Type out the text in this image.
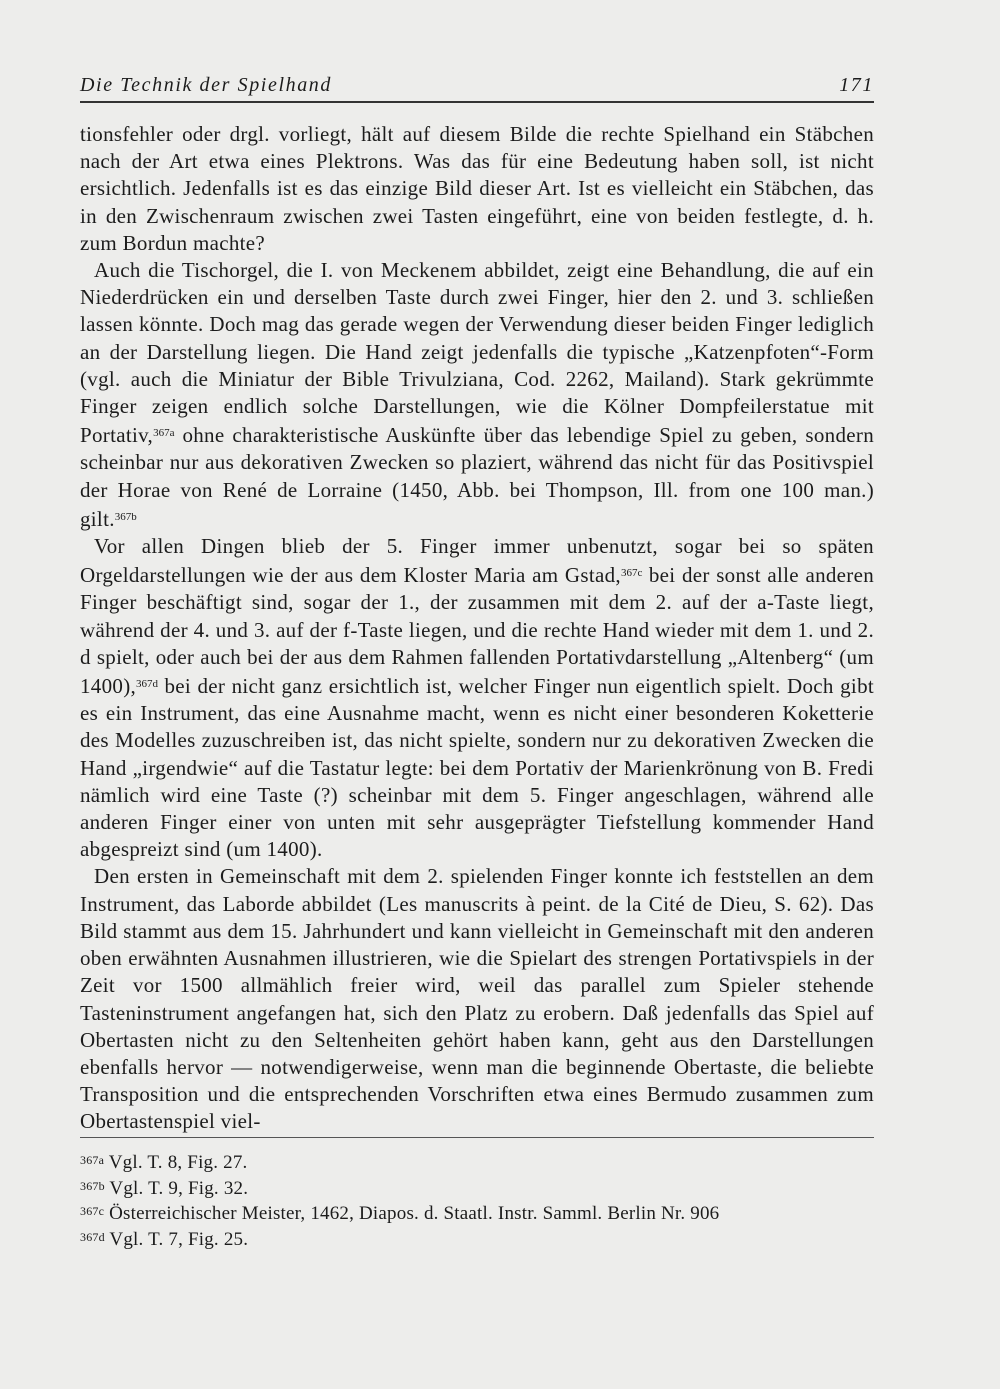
Die Technik der Spielhand	171

tionsfehler oder drgl. vorliegt, hält auf diesem Bilde die rechte Spielhand ein Stäbchen nach der Art etwa eines Plektrons. Was das für eine Bedeutung haben soll, ist nicht ersichtlich. Jedenfalls ist es das einzige Bild dieser Art. Ist es vielleicht ein Stäbchen, das in den Zwischenraum zwischen zwei Tasten eingeführt, eine von beiden festlegte, d. h. zum Bordun machte?

Auch die Tischorgel, die I. von Meckenem abbildet, zeigt eine Behandlung, die auf ein Niederdrücken ein und derselben Taste durch zwei Finger, hier den 2. und 3. schließen lassen könnte. Doch mag das gerade wegen der Verwendung dieser beiden Finger lediglich an der Darstellung liegen. Die Hand zeigt jedenfalls die typische „Katzenpfoten“-Form (vgl. auch die Miniatur der Bible Trivulziana, Cod. 2262, Mailand). Stark gekrümmte Finger zeigen endlich solche Darstellungen, wie die Kölner Dompfeilerstatue mit Portativ,$^{367a}$ ohne charakteristische Auskünfte über das lebendige Spiel zu geben, sondern scheinbar nur aus dekorativen Zwecken so plaziert, während das nicht für das Positivspiel der Horae von René de Lorraine (1450, Abb. bei Thompson, Ill. from one 100 man.) gilt.$^{367b}$

Vor allen Dingen blieb der 5. Finger immer unbenutzt, sogar bei so späten Orgeldarstellungen wie der aus dem Kloster Maria am Gstad,$^{367c}$ bei der sonst alle anderen Finger beschäftigt sind, sogar der 1., der zusammen mit dem 2. auf der a-Taste liegt, während der 4. und 3. auf der f-Taste liegen, und die rechte Hand wieder mit dem 1. und 2. d spielt, oder auch bei der aus dem Rahmen fallenden Portativdarstellung „Altenberg“ (um 1400),$^{367d}$ bei der nicht ganz ersichtlich ist, welcher Finger nun eigentlich spielt. Doch gibt es ein Instrument, das eine Ausnahme macht, wenn es nicht einer besonderen Koketterie des Modelles zuzuschreiben ist, das nicht spielte, sondern nur zu dekorativen Zwecken die Hand „irgendwie“ auf die Tastatur legte: bei dem Portativ der Marienkrönung von B. Fredi nämlich wird eine Taste (?) scheinbar mit dem 5. Finger angeschlagen, während alle anderen Finger einer von unten mit sehr ausgeprägter Tiefstellung kommender Hand abgespreizt sind (um 1400).

Den ersten in Gemeinschaft mit dem 2. spielenden Finger konnte ich feststellen an dem Instrument, das Laborde abbildet (Les manuscrits à peint. de la Cité de Dieu, S. 62). Das Bild stammt aus dem 15. Jahrhundert und kann vielleicht in Gemeinschaft mit den anderen oben erwähnten Ausnahmen illustrieren, wie die Spielart des strengen Portativspiels in der Zeit vor 1500 allmählich freier wird, weil das parallel zum Spieler stehende Tasteninstrument angefangen hat, sich den Platz zu erobern. Daß jedenfalls das Spiel auf Obertasten nicht zu den Seltenheiten gehört haben kann, geht aus den Darstellungen ebenfalls hervor — notwendigerweise, wenn man die beginnende Obertaste, die beliebte Transposition und die entsprechenden Vorschriften etwa eines Bermudo zusammen zum Obertastenspiel viel-

$^{367a}$ Vgl. T. 8, Fig. 27.
$^{367b}$ Vgl. T. 9, Fig. 32.
$^{367c}$ Österreichischer Meister, 1462, Diapos. d. Staatl. Instr. Samml. Berlin Nr. 906
$^{367d}$ Vgl. T. 7, Fig. 25.
